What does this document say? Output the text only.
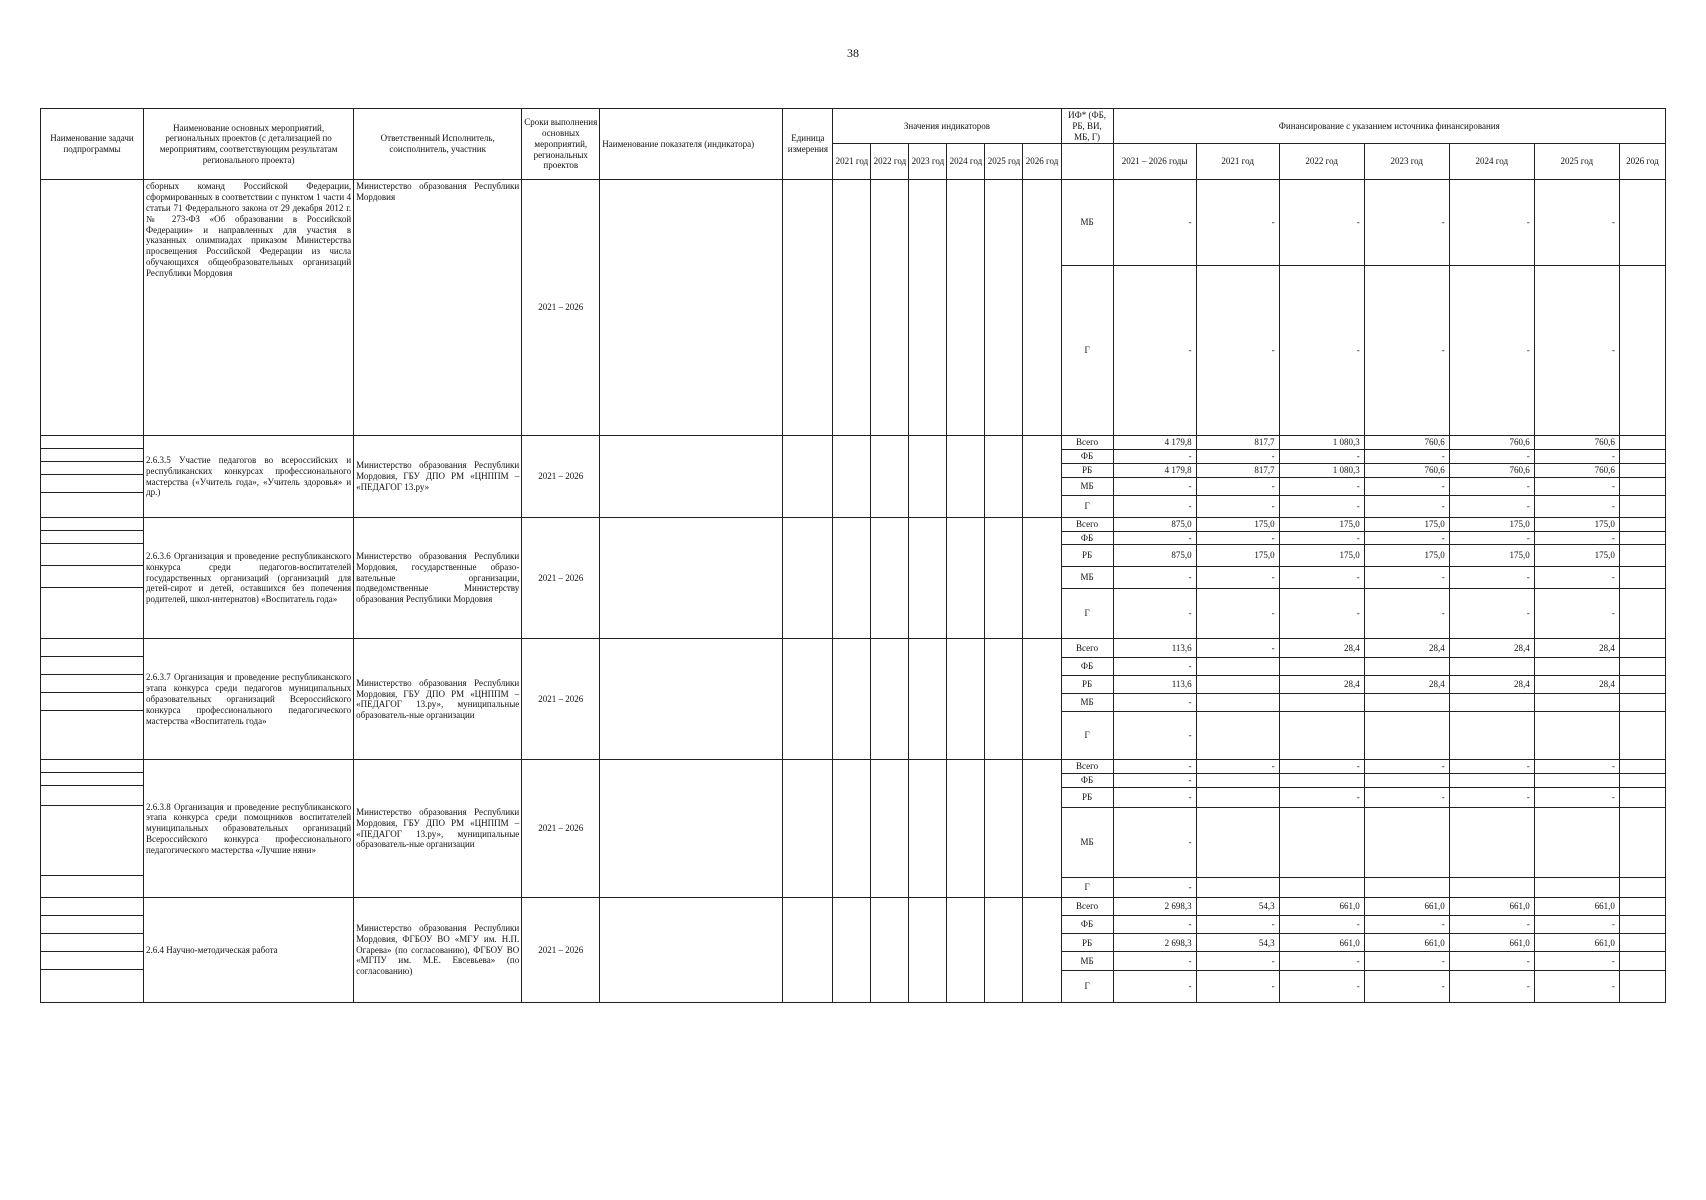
38
Наименование задачи подпрограммы	Наименование основных мероприятий, региональных проектов (с детализацией по мероприятиям, соответствующим результатам регионального проекта)	Ответственный Исполнитель, соисполнитель, участник	Сроки выполнения основных мероприятий, региональных проектов	Наименование показателя (индикатора)	Единица измерения	Значения индикаторов						ИФ* (ФБ, РБ, ВИ, МБ, Г)	Финансирование с указанием источника финансирования						
						2021 год	2022 год	2023 год	2024 год	2025 год	2026 год		2021 – 2026 годы	2021 год	2022 год	2023 год	2024 год	2025 год	2026 год
	сборных команд Российской Федерации, сформированных в соответствии с пунктом 1 части 4 статьи 71 Федерального закона от 29 декабря 2012 г. № 273-ФЗ «Об образовании в Российской Федерации» и направленных для участия в указанных олимпиадах приказом Министерства просвещения Российской Федерации из числа обучающихся общеобразовательных организаций Республики Мордовия	Министерство образования Республики Мордовия	2021 – 2026									МБ	-	-	-	-	-	-	
												Г	-	-	-	-	-	-	

	2.6.3.5 Участие педагогов во всероссийских и республиканских конкурсах профессионального мастерства («Учитель года», «Учитель здоровья» и др.)	Министерство образования Республики Мордовия, ГБУ ДПО РМ «ЦНППМ – «ПЕДАГОГ 13.ру»	2021 – 2026									Всего	4 179,8	817,7	1 080,3	760,6	760,6	760,6	
												ФБ	-	-	-	-	-	-	
												РБ	4 179,8	817,7	1 080,3	760,6	760,6	760,6	
												МБ	-	-	-	-	-	-	
												Г	-	-	-	-	-	-	

	2.6.3.6 Организация и проведение республиканского конкурса среди педагогов-воспитателей государственных организаций (организаций для детей-сирот и детей, оставшихся без попечения родителей, школ-интернатов) «Воспитатель года»	Министерство образования Республики Мордовия, государственные образо-вательные организации, подведомственные Министерству образования Республики Мордовия	2021 – 2026									Всего	875,0	175,0	175,0	175,0	175,0	175,0	
												ФБ	-	-	-	-	-	-	
												РБ	875,0	175,0	175,0	175,0	175,0	175,0	
												МБ	-	-	-	-	-	-	
												Г	-	-	-	-	-	-	

	2.6.3.7 Организация и проведение республиканского этапа конкурса среди педагогов муниципальных образовательных организаций Всероссийского конкурса профессионального педагогического мастерства «Воспитатель года»	Министерство образования Республики Мордовия, ГБУ ДПО РМ «ЦНППМ – «ПЕДАГОГ 13.ру», муниципальные образователь-ные организации	2021 – 2026									Всего	113,6	-	28,4	28,4	28,4	28,4	
												ФБ	-						
												РБ	113,6		28,4	28,4	28,4	28,4	
												МБ	-						
												Г	-						

	2.6.3.8 Организация и проведение республиканского этапа конкурса среди помощников воспитателей муниципальных образовательных организаций Всероссийского конкурса профессионального педагогического мастерства «Лучшие няни»	Министерство образования Республики Мордовия, ГБУ ДПО РМ «ЦНППМ – «ПЕДАГОГ 13.ру», муниципальные образователь-ные организации	2021 – 2026									Всего	-	-	-	-	-	-	
												ФБ	-						
												РБ	-		-	-	-	-	
												МБ	-						
												Г	-						

	2.6.4 Научно-методическая работа	Министерство образования Республики Мордовия, ФГБОУ ВО «МГУ им. Н.П. Огарева» (по согласованию), ФГБОУ ВО «МГПУ им. М.Е. Евсевьева» (по согласованию)	2021 – 2026									Всего	2 698,3	54,3	661,0	661,0	661,0	661,0	
												ФБ	-	-	-	-	-	-	
												РБ	2 698,3	54,3	661,0	661,0	661,0	661,0	
												МБ	-	-	-	-	-	-	
												Г	-	-	-	-	-	-	
